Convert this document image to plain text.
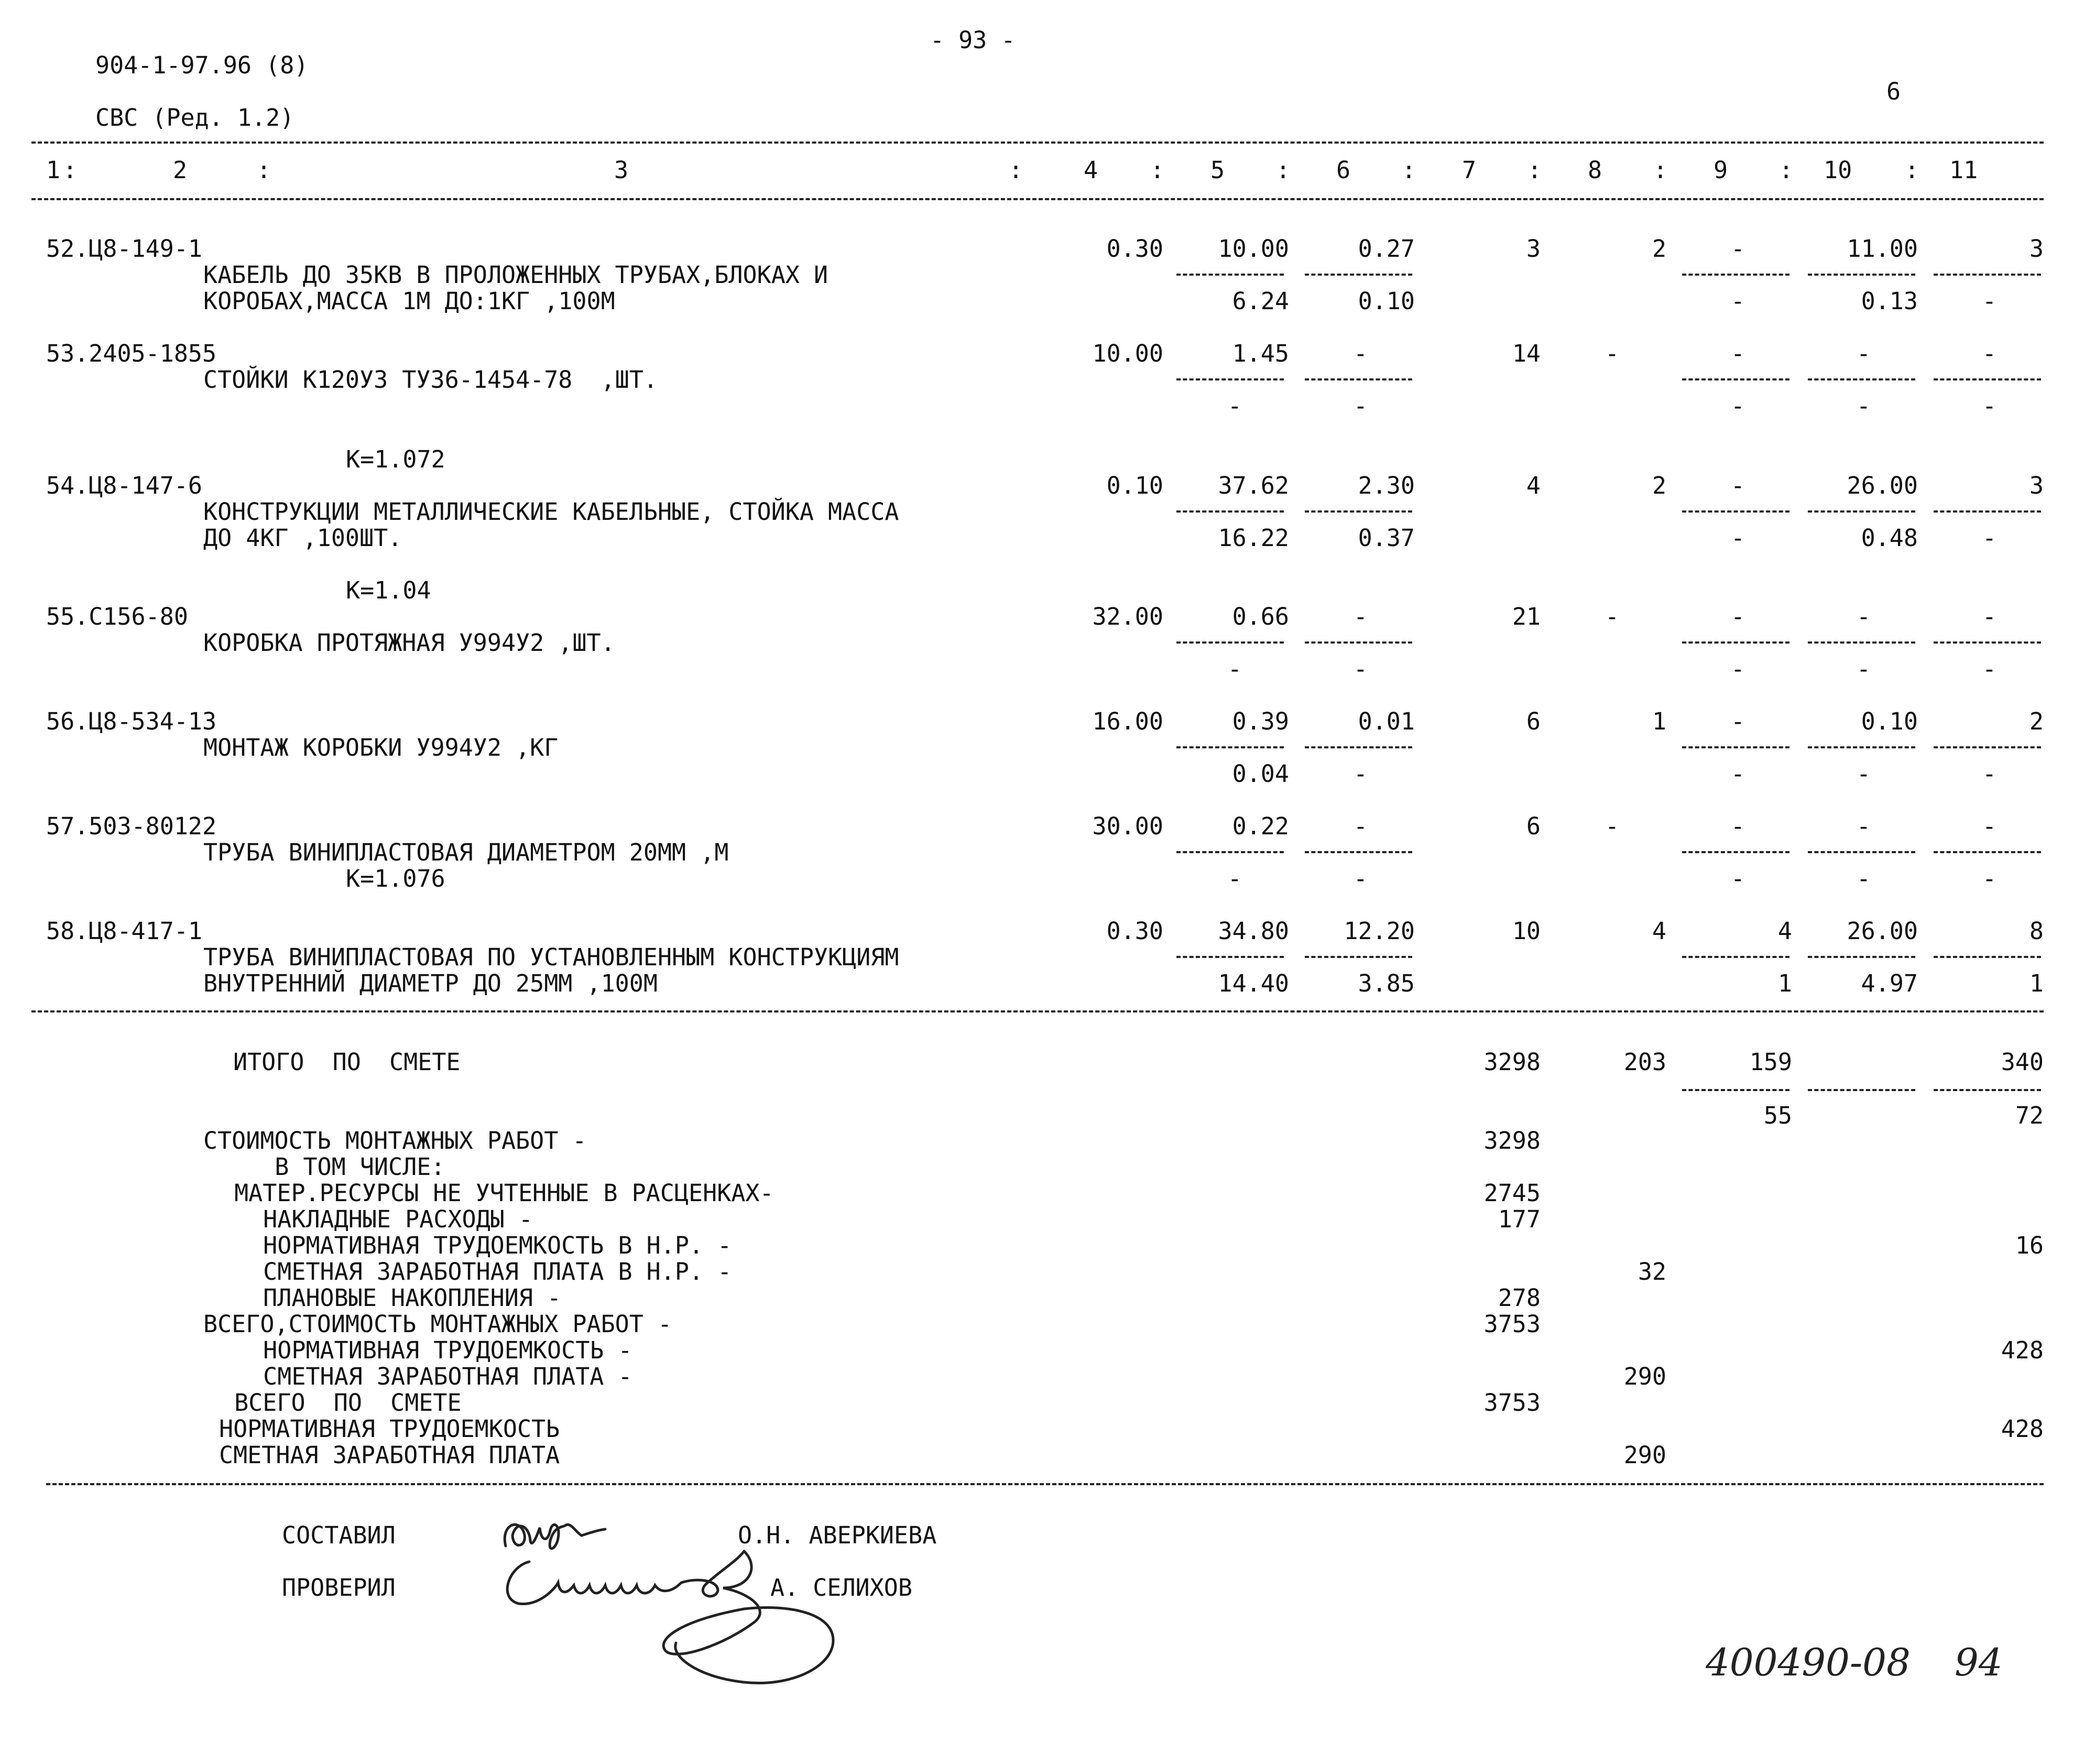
- 93 -
904-1-97.96 (8)
6
СВС (Ред. 1.2)
1 :	2	:	3	:	4 : 5 : 6 : 7 : 8 : 9 : 10 : 11
52.Ц8-149-1
КАБЕЛЬ ДО 35КВ В ПРОЛОЖЕННЫХ ТРУБАХ,БЛОКАХ И
КОРОБАХ,МАССА 1М ДО:1КГ ,100М
0.30	10.00	0.27	3	2	-	11.00	3
6.24	0.10	-	0.13	-
53.2405-1855
СТОЙКИ К120УЗ ТУ36-1454-78  ,ШТ.
10.00	1.45	-	14	-	-	-	-
-	-	-	-	-
K=1.072
54.Ц8-147-6
КОНСТРУКЦИИ МЕТАЛЛИЧЕСКИЕ КАБЕЛЬНЫЕ, СТОЙКА МАССА
ДО 4КГ ,100ШТ.
0.10	37.62	2.30	4	2	-	26.00	3
16.22	0.37	-	0.48	-
K=1.04
55.С156-80
КОРОБКА ПРОТЯЖНАЯ У994У2 ,ШТ.
32.00	0.66	-	21	-	-	-	-
-	-	-	-	-
56.Ц8-534-13
МОНТАЖ КОРОБКИ У994У2 ,КГ
16.00	0.39	0.01	6	1	-	0.10	2
0.04	-	-	-	-
57.503-80122
ТРУБА ВИНИПЛАСТОВАЯ ДИАМЕТРОМ 20ММ ,М
K=1.076
30.00	0.22	-	6	-	-	-	-
-	-	-	-	-
58.Ц8-417-1
ТРУБА ВИНИПЛАСТОВАЯ ПО УСТАНОВЛЕННЫМ КОНСТРУКЦИЯМ
ВНУТРЕННИЙ ДИАМЕТР ДО 25ММ ,100М
0.30	34.80	12.20	10	4	4	26.00	8
14.40	3.85	1	4.97	1
ИТОГО  ПО  СМЕТЕ	3298	203	159	340
55	72
СТОИМОСТЬ МОНТАЖНЫХ РАБОТ -	3298
В ТОМ ЧИСЛЕ:
МАТЕР.РЕСУРСЫ НЕ УЧТЕННЫЕ В РАСЦЕНКАХ-	2745
НАКЛАДНЫЕ РАСХОДЫ -	177
НОРМАТИВНАЯ ТРУДОЕМКОСТЬ В Н.Р. -	16
СМЕТНАЯ ЗАРАБОТНАЯ ПЛАТА В Н.Р. -	32
ПЛАНОВЫЕ НАКОПЛЕНИЯ -	278
ВСЕГО,СТОИМОСТЬ МОНТАЖНЫХ РАБОТ -	3753
НОРМАТИВНАЯ ТРУДОЕМКОСТЬ -	428
СМЕТНАЯ ЗАРАБОТНАЯ ПЛАТА -	290
ВСЕГО  ПО  СМЕТЕ	3753
НОРМАТИВНАЯ ТРУДОЕМКОСТЬ	428
СМЕТНАЯ ЗАРАБОТНАЯ ПЛАТА	290
СОСТАВИЛ	О.Н. АВЕРКИЕВА
ПРОВЕРИЛ	А. СЕЛИХОВ
400490-08 94
